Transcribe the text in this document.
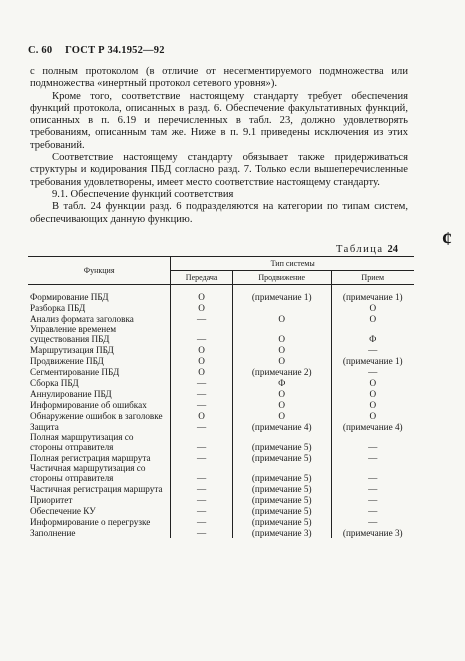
С. 60 ГОСТ Р 34.1952—92

с полным протоколом (в отличие от несегментируемого подмножества или подмножества «инертный протокол сетевого уровня»).

Кроме того, соответствие настоящему стандарту требует обеспечения функций протокола, описанных в разд. 6. Обеспечение факультативных функций, описанных в п. 6.19 и перечисленных в табл. 23, должно удовлетворять требованиям, описанным там же. Ниже в п. 9.1 приведены исключения из этих требований.

Соответствие настоящему стандарту обязывает также придерживаться структуры и кодирования ПБД согласно разд. 7. Только если вышеперечисленные требования удовлетворены, имеет место соответствие настоящему стандарту.

9.1. Обеспечение функций соответствия

В табл. 24 функции разд. 6 подразделяются на категории по типам систем, обеспечивающих данную функцию.

¢
Таблица 24
Функция	Тип системы		
	Передача	Продвижение	Прием
Формирование ПБД	O	(примечание 1)	(примечание 1)
Разборка ПБД	O		O
Анализ формата заголовка	—	O	O
Управление временем существования ПБД	—	O	Ф
Маршрутизация ПБД	O	O	—
Продвижение ПБД	O	O	(примечание 1)
Сегментирование ПБД	O	(примечание 2)	—
Сборка ПБД	—	Ф	O
Аннулирование ПБД	—	O	O
Информирование об ошибках	—	O	O
Обнаружение ошибок в заголовке	O	O	O
Защита	—	(примечание 4)	(примечание 4)
Полная маршрутизация со стороны отправителя	—	(примечание 5)	—
Полная регистрация маршрута	—	(примечание 5)	—
Частичная маршрутизация со стороны отправителя	—	(примечание 5)	—
Частичная регистрация маршрута	—	(примечание 5)	—
Приоритет	—	(примечание 5)	—
Обеспечение КУ	—	(примечание 5)	—
Информирование о перегрузке	—	(примечание 5)	—
Заполнение	—	(примечание 3)	(примечание 3)
